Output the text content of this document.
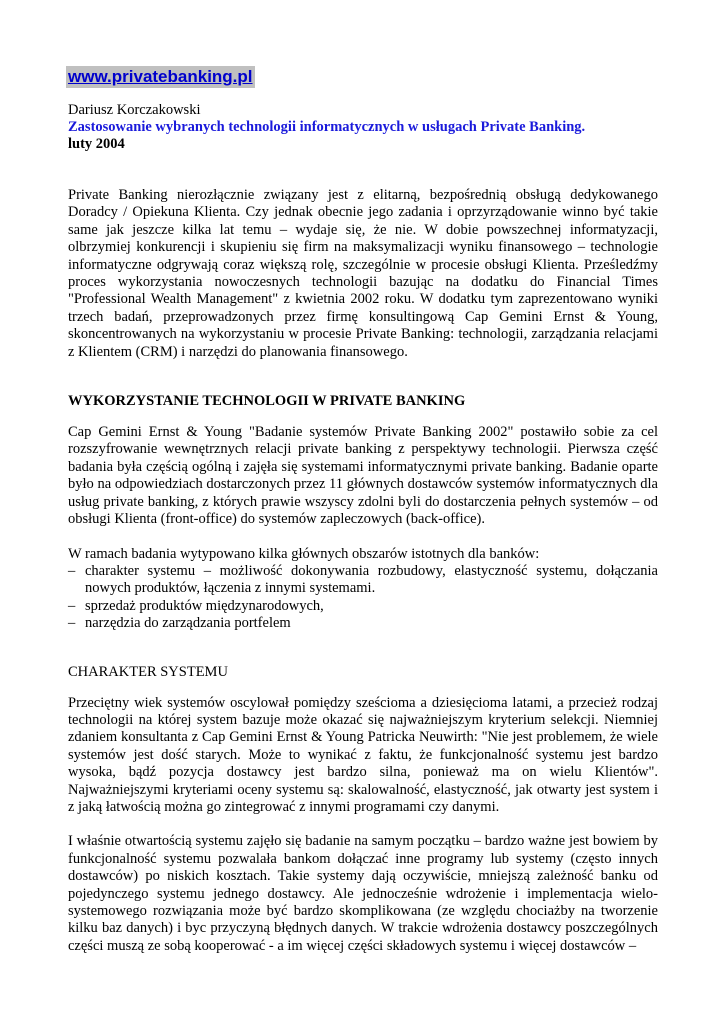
www.privatebanking.pl
Dariusz Korczakowski
Zastosowanie wybranych technologii informatycznych w usługach Private Banking.
luty 2004

Private Banking nierozłącznie związany jest z elitarną, bezpośrednią obsługą dedykowanego Doradcy / Opiekuna Klienta. Czy jednak obecnie jego zadania i oprzyrządowanie winno być takie same jak jeszcze kilka lat temu – wydaje się, że nie. W dobie powszechnej informatyzacji, olbrzymiej konkurencji i skupieniu się firm na maksymalizacji wyniku finansowego – technologie informatyczne odgrywają coraz większą rolę, szczególnie w procesie obsługi Klienta. Prześledźmy proces wykorzystania nowoczesnych technologii bazując na dodatku do Financial Times "Professional Wealth Management" z kwietnia 2002 roku. W dodatku tym zaprezentowano wyniki trzech badań, przeprowadzonych przez firmę konsultingową Cap Gemini Ernst & Young, skoncentrowanych na wykorzystaniu w procesie Private Banking: technologii, zarządzania relacjami z Klientem (CRM) i narzędzi do planowania finansowego.

WYKORZYSTANIE TECHNOLOGII W PRIVATE BANKING

Cap Gemini Ernst & Young "Badanie systemów Private Banking 2002" postawiło sobie za cel rozszyfrowanie wewnętrznych relacji private banking z perspektywy technologii. Pierwsza część badania była częścią ogólną i zajęła się systemami informatycznymi private banking. Badanie oparte było na odpowiedziach dostarczonych przez 11 głównych dostawców systemów informatycznych dla usług private banking, z których prawie wszyscy zdolni byli do dostarczenia pełnych systemów – od obsługi Klienta (front-office) do systemów zapleczowych (back-office).

W ramach badania wytypowano kilka głównych obszarów istotnych dla banków:

– charakter systemu – możliwość dokonywania rozbudowy, elastyczność systemu, dołączania nowych produktów, łączenia z innymi systemami.
– sprzedaż produktów międzynarodowych,
– narzędzia do zarządzania portfelem
CHARAKTER SYSTEMU

Przeciętny wiek systemów oscylował pomiędzy sześcioma a dziesięcioma latami, a przecież rodzaj technologii na której system bazuje może okazać się najważniejszym kryterium selekcji. Niemniej zdaniem konsultanta z Cap Gemini Ernst & Young Patricka Neuwirth: "Nie jest problemem, że wiele systemów jest dość starych. Może to wynikać z faktu, że funkcjonalność systemu jest bardzo wysoka, bądź pozycja dostawcy jest bardzo silna, ponieważ ma on wielu Klientów". Najważniejszymi kryteriami oceny systemu są: skalowalność, elastyczność, jak otwarty jest system i z jaką łatwością można go zintegrować z innymi programami czy danymi.

I właśnie otwartością systemu zajęło się badanie na samym początku – bardzo ważne jest bowiem by funkcjonalność systemu pozwalała bankom dołączać inne programy lub systemy (często innych dostawców) po niskich kosztach. Takie systemy dają oczywiście, mniejszą zależność banku od pojedynczego systemu jednego dostawcy. Ale jednocześnie wdrożenie i implementacja wielo-systemowego rozwiązania może być bardzo skomplikowana (ze względu chociażby na tworzenie kilku baz danych) i byc przyczyną błędnych danych. W trakcie wdrożenia dostawcy poszczególnych części muszą ze sobą kooperować - a im więcej części składowych systemu i więcej dostawców –
